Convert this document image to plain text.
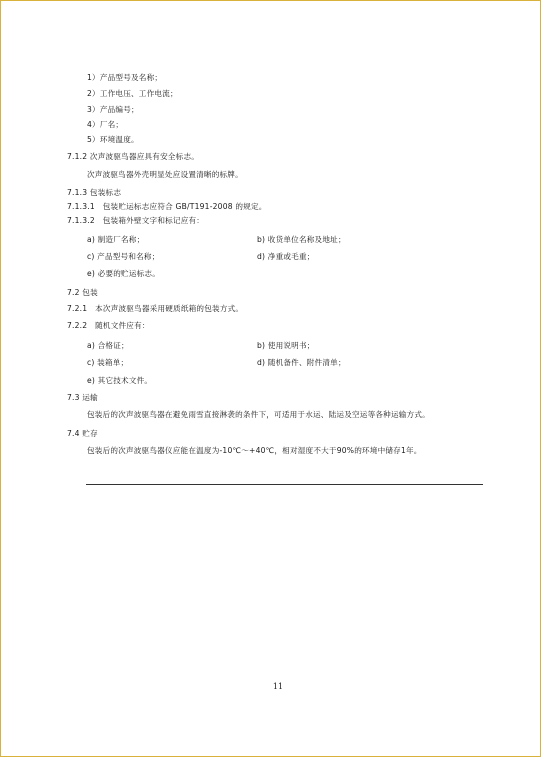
1）产品型号及名称；
2）工作电压、工作电流；
3）产品编号；
4）厂名；
5）环境温度。
7.1.2 次声波驱鸟器应具有安全标志。
次声波驱鸟器外壳明显处应设置清晰的标牌。
7.1.3 包装标志
7.1.3.1　包装贮运标志应符合 GB/T191-2008 的规定。
7.1.3.2　包装箱外壁文字和标记应有：
a) 制造厂名称；	b) 收货单位名称及地址；
c) 产品型号和名称；	d) 净重或毛重；
e) 必要的贮运标志。
7.2 包装
7.2.1　本次声波驱鸟器采用硬质纸箱的包装方式。
7.2.2　随机文件应有：
a) 合格证；	b) 使用说明书；
c) 装箱单；	d) 随机备件、附件清单；
e) 其它技术文件。
7.3 运输
包装后的次声波驱鸟器在避免雨雪直接淋袭的条件下，可适用于水运、陆运及空运等各种运输方式。
7.4 贮存
包装后的次声波驱鸟器仪应能在温度为-10℃～+40℃，相对湿度不大于90%的环境中储存1年。
11
